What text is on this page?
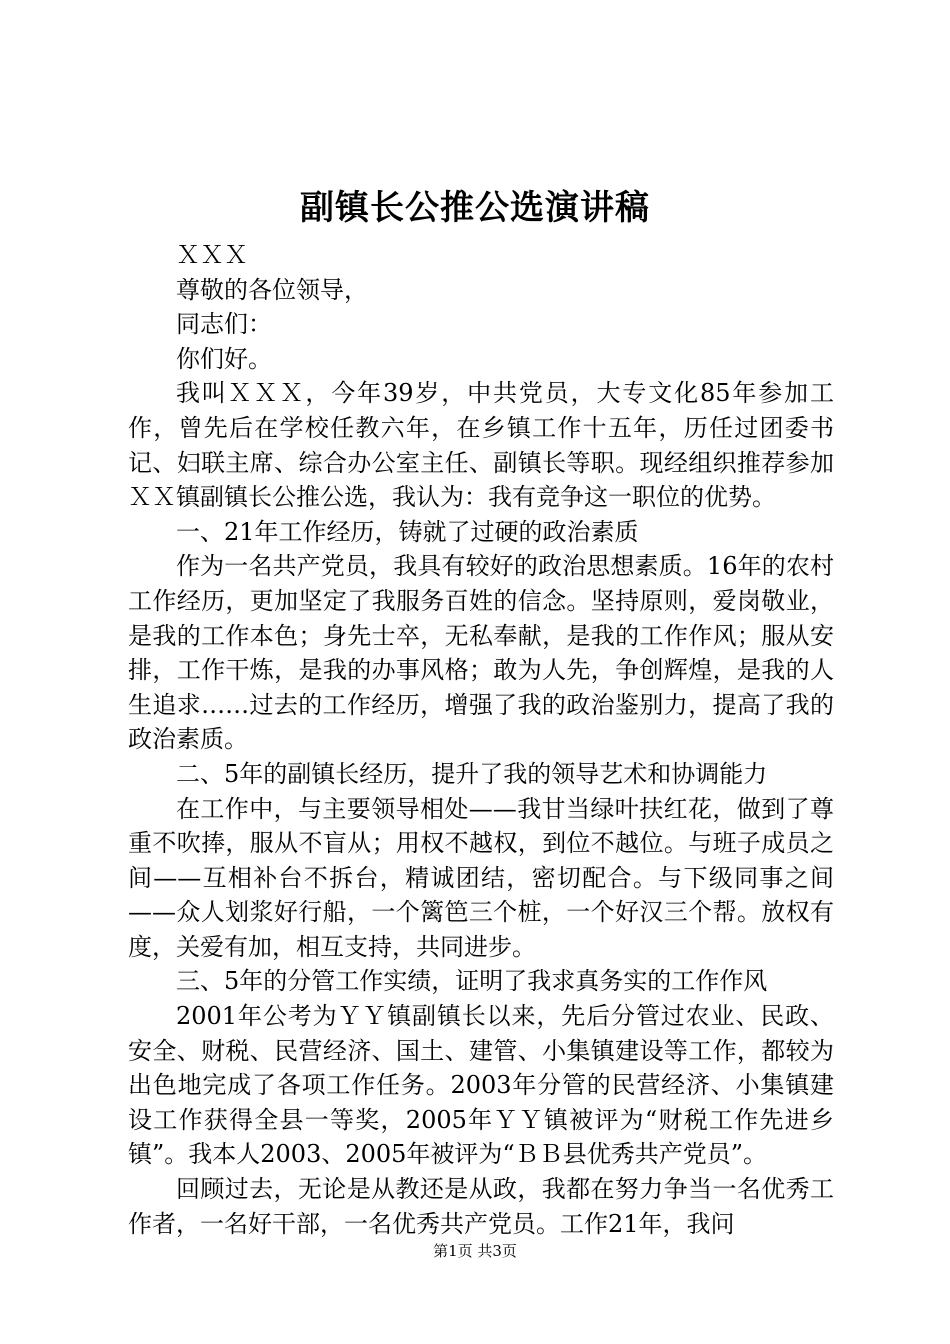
副镇长公推公选演讲稿

ＸＸＸ

尊敬的各位领导，

同志们：

你们好。

我叫ＸＸＸ，今年39岁，中共党员，大专文化85年参加工作，曾先后在学校任教六年，在乡镇工作十五年，历任过团委书记、妇联主席、综合办公室主任、副镇长等职。现经组织推荐参加ＸＸ镇副镇长公推公选，我认为：我有竞争这一职位的优势。

一、21年工作经历，铸就了过硬的政治素质

作为一名共产党员，我具有较好的政治思想素质。16年的农村工作经历，更加坚定了我服务百姓的信念。坚持原则，爱岗敬业，是我的工作本色；身先士卒，无私奉献，是我的工作作风；服从安排，工作干炼，是我的办事风格；敢为人先，争创辉煌，是我的人生追求……过去的工作经历，增强了我的政治鉴别力，提高了我的政治素质。

二、5年的副镇长经历，提升了我的领导艺术和协调能力

在工作中，与主要领导相处——我甘当绿叶扶红花，做到了尊重不吹捧，服从不盲从；用权不越权，到位不越位。与班子成员之间——互相补台不拆台，精诚团结，密切配合。与下级同事之间——众人划浆好行船，一个篱笆三个桩，一个好汉三个帮。放权有度，关爱有加，相互支持，共同进步。

三、5年的分管工作实绩，证明了我求真务实的工作作风

2001年公考为ＹＹ镇副镇长以来，先后分管过农业、民政、安全、财税、民营经济、国土、建管、小集镇建设等工作，都较为出色地完成了各项工作任务。2003年分管的民营经济、小集镇建设工作获得全县一等奖，2005年ＹＹ镇被评为“财税工作先进乡镇”。我本人2003、2005年被评为“ＢＢ县优秀共产党员”。

回顾过去，无论是从教还是从政，我都在努力争当一名优秀工作者，一名好干部，一名优秀共产党员。工作21年，我问

第1页 共3页
